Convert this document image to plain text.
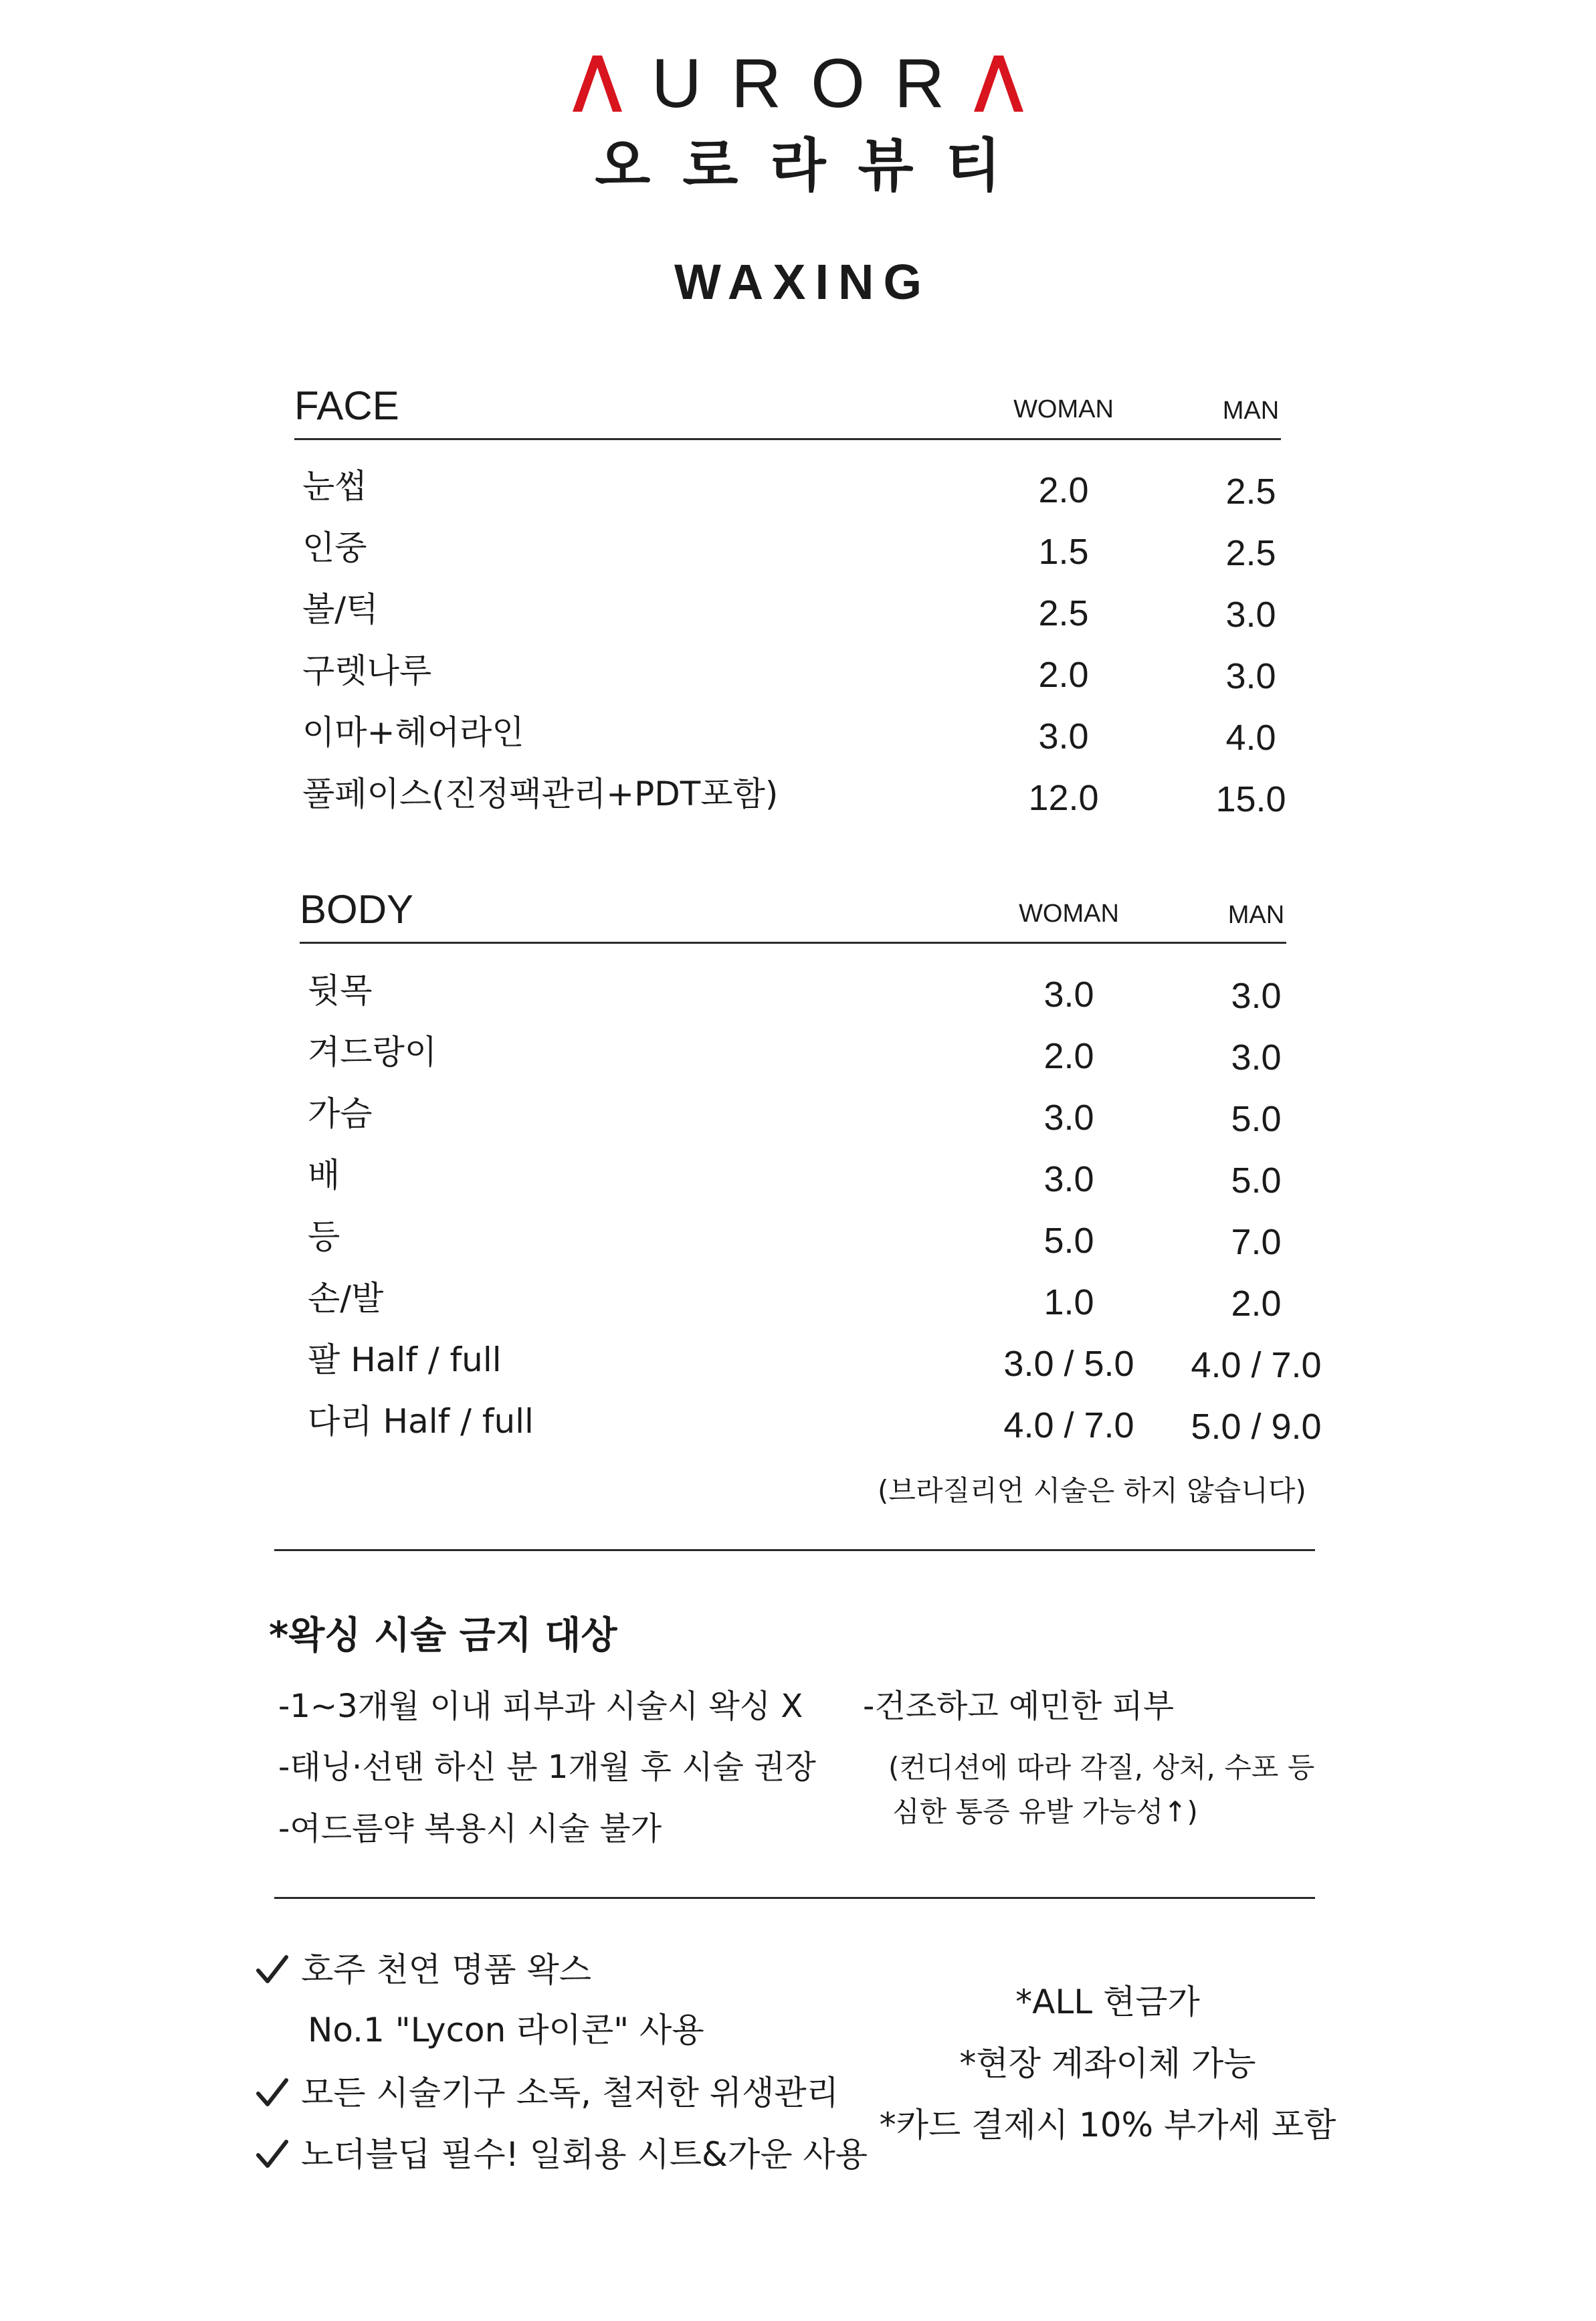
U R O R
오로라뷰티
WAXING
FACE	WOMAN	MAN
눈썹	2.0	2.5
인중	1.5	2.5
볼/턱	2.5	3.0
구렛나루	2.0	3.0
이마+헤어라인	3.0	4.0
풀페이스(진정팩관리+PDT포함)	12.0	15.0
BODY	WOMAN	MAN
뒷목	3.0	3.0
겨드랑이	2.0	3.0
가슴	3.0	5.0
배	3.0	5.0
등	5.0	7.0
손/발	1.0	2.0
팔 Half / full	3.0 / 5.0	4.0 / 7.0
다리 Half / full	4.0 / 7.0	5.0 / 9.0
(브라질리언 시술은 하지 않습니다)
*왁싱 시술 금지 대상
-1~3개월 이내 피부과 시술시 왁싱 X
-태닝·선탠 하신 분 1개월 후 시술 권장
-여드름약 복용시 시술 불가
-건조하고 예민한 피부
(컨디션에 따라 각질, 상처, 수포 등
심한 통증 유발 가능성↑)
호주 천연 명품 왁스
No.1 "Lycon 라이콘" 사용
모든 시술기구 소독, 철저한 위생관리
노더블딥 필수! 일회용 시트&가운 사용
*ALL 현금가
*현장 계좌이체 가능
*카드 결제시 10% 부가세 포함
